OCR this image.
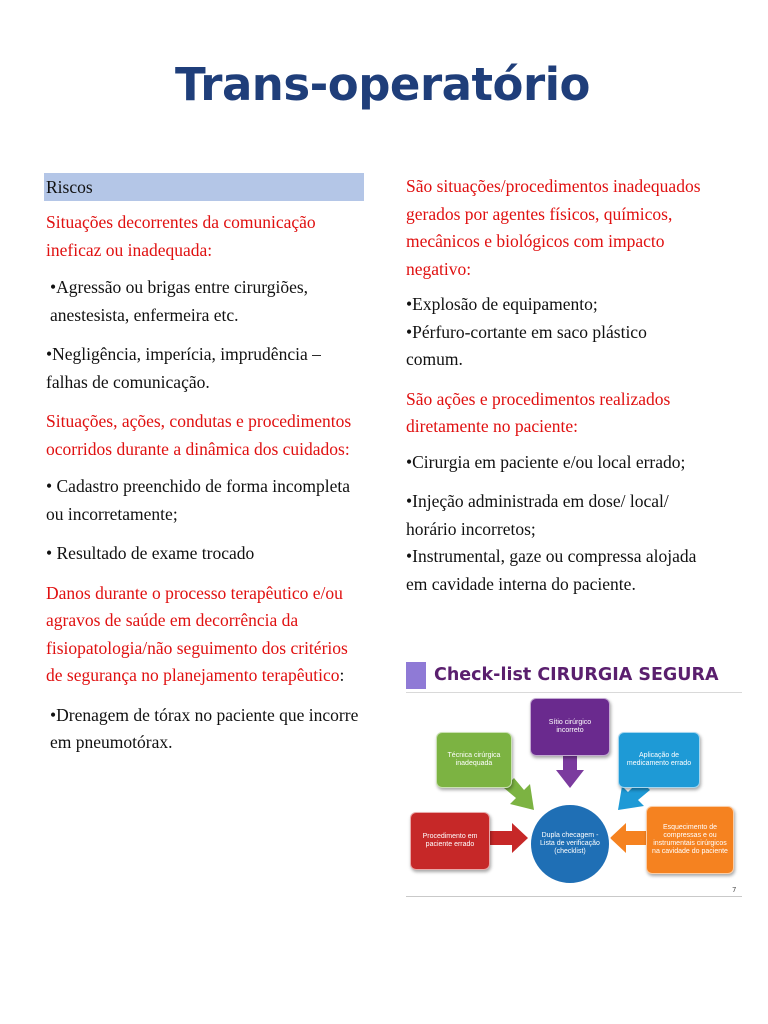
Trans-operatório
Riscos
Situações decorrentes da comunicação ineficaz ou inadequada:

•Agressão ou brigas entre cirurgiões, anestesista, enfermeira etc.

•Negligência, imperícia, imprudência – falhas de comunicação.

Situações, ações, condutas e procedimentos ocorridos durante a dinâmica dos cuidados:

• Cadastro preenchido de forma incompleta ou incorretamente;

• Resultado de exame trocado

Danos durante o processo terapêutico e/ou agravos de saúde em decorrência da fisiopatologia/não seguimento dos critérios de segurança no planejamento terapêutico:

•Drenagem de tórax no paciente que incorre em pneumotórax.

São situações/procedimentos inadequados gerados por agentes físicos, químicos, mecânicos e biológicos com impacto negativo:

•Explosão de equipamento;

•Pérfuro-cortante em saco plástico comum.

São ações e procedimentos realizados diretamente no paciente:

•Cirurgia em paciente e/ou local errado;

•Injeção administrada em dose/ local/ horário incorretos;

•Instrumental, gaze ou compressa alojada em cavidade interna do paciente.

Check-list CIRURGIA SEGURA
Sítio cirúrgico incorreto
Técnica cirúrgica inadequada
Aplicação de medicamento errado
Procedimento em paciente errado
Esquecimento de compressas e ou instrumentais cirúrgicos na cavidade do paciente
Dupla checagem - Lista de verificação (checklist)
7
